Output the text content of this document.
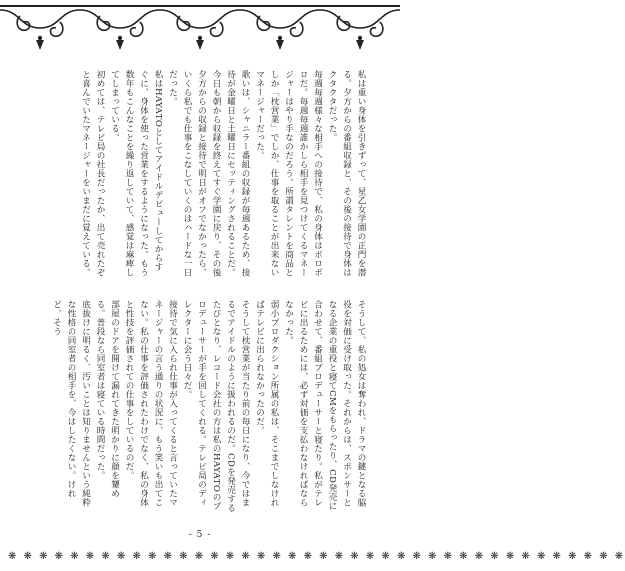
私は重い身体を引きずって、星乙女学園の正門を潜る。夕方からの番組収録と、その後の接待で身体はクタクタだった。

毎週毎週様々な相手への接待で、私の身体はボロボロだ。毎週毎週誰かしら相手を見つけてくるマネージャーはやり手なのだろう。所謂タレントを商品としか「枕営業」でしか、仕事を取ることが出来ないマネージャーだった。

歌いは、シャニラー番組の収録が毎週あるため、接待が金曜日と土曜日にセッティングされることだ。今日も朝から収録を終えてすぐ学園に戻り、その後夕方からの収録と接待で明日がオフでなかったら、いくら私でも仕事をこなしていくのはハードな一日だった。

私はHAYATOとしてアイドルデビューしてからすぐに、身体を使った営業をするようになった。もう数年もこんなことを繰り返していて、感覚は麻痺してしまっている。

初めては、テレビ局の社長だったか、出て売れたぞと喜んでいたマネージャーをいまだに覚えている。

そうして、私の処女は奪われ、ドラマの鍵となる脇役を対価に受け取った。それからは、スポンサーとなる企業の重役と寝てCMをもらったり、CD発売に合わせて、番組プロデューサーと寝たり。私がテレビに出るためには、必ず対価を支払わなければならなかった。

弱小プロダクション所属の私は、そこまでしなければテレビに出られなかったのだ。

そうして枕営業が当たり前の毎日になり、今ではまるでアイドルのように扱われるのだ。CDを発売するたびとなり、レコード会社の方は私のHAYATOのプロデューサーが手を回してくれる。テレビ局のディレクターに会う日々だ。

接待で気に入られ仕事が入ってくると言っていたマネージャーの言う通りの状況に、もう笑いも出てこない。私の仕事を評価されたわけでなく、私の身体と性技を評価されての仕事をしているのだ。

部屋のドアを開けて漏れてきた明かりに顔を顰める。普段なら同室者は寝ている時間だった。

底抜けに明るく、汚いことは知りませんという純粋な性格の同室者の相手を、今はしたくない。けれど、そう

- 5 -
❋ ❋ ❋ ❋ ❋ ❋ ❋ ❋ ❋ ❋ ❋ ❋ ❋ ❋ ❋ ❋ ❋ ❋ ❋ ❋ ❋ ❋ ❋ ❋ ❋ ❋ ❋ ❋ ❋ ❋ ❋ ❋ ❋ ❋ ❋ ❋ ❋ ❋ ❋ ❋
